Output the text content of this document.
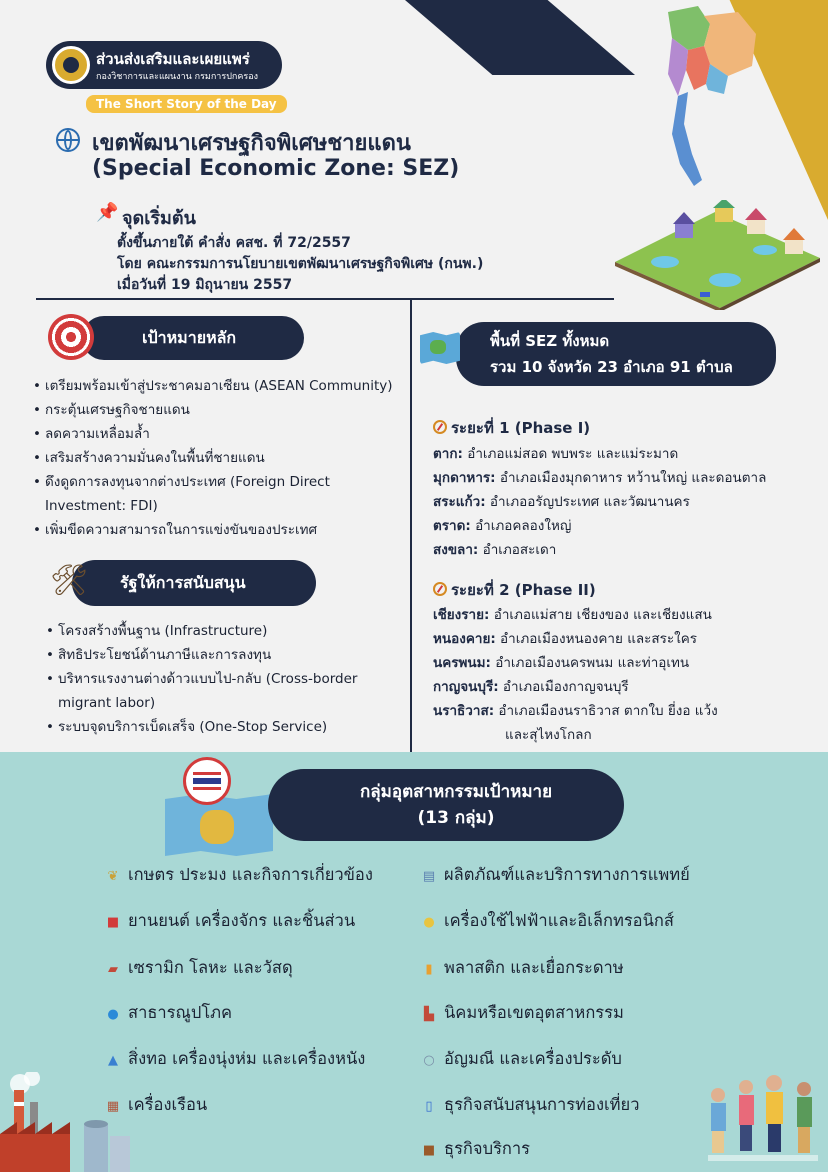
ส่วนส่งเสริมและเผยแพร่
กองวิชาการและแผนงาน กรมการปกครอง
The Short Story of the Day
เขตพัฒนาเศรษฐกิจพิเศษชายแดน
(Special Economic Zone: SEZ)
📌 จุดเริ่มต้น
ตั้งขึ้นภายใต้ คำสั่ง คสช. ที่ 72/2557
โดย คณะกรรมการนโยบายเขตพัฒนาเศรษฐกิจพิเศษ (กนพ.)
เมื่อวันที่ 19 มิถุนายน 2557
เป้าหมายหลัก
• เตรียมพร้อมเข้าสู่ประชาคมอาเซียน (ASEAN Community)
• กระตุ้นเศรษฐกิจชายแดน
• ลดความเหลื่อมล้ำ
• เสริมสร้างความมั่นคงในพื้นที่ชายแดน
• ดึงดูดการลงทุนจากต่างประเทศ (Foreign Direct Investment: FDI)
• เพิ่มขีดความสามารถในการแข่งขันของประเทศ
รัฐให้การสนับสนุน
🛠
• โครงสร้างพื้นฐาน (Infrastructure)
• สิทธิประโยชน์ด้านภาษีและการลงทุน
• บริหารแรงงานต่างด้าวแบบไป-กลับ (Cross-border migrant labor)
• ระบบจุดบริการเบ็ดเสร็จ (One-Stop Service)
พื้นที่ SEZ ทั้งหมด
รวม 10 จังหวัด 23 อำเภอ 91 ตำบล
ระยะที่ 1 (Phase I)
ตาก: อำเภอแม่สอด พบพระ และแม่ระมาด
มุกดาหาร: อำเภอเมืองมุกดาหาร หว้านใหญ่ และดอนตาล
สระแก้ว: อำเภออรัญประเทศ และวัฒนานคร
ตราด: อำเภอคลองใหญ่
สงขลา: อำเภอสะเดา
ระยะที่ 2 (Phase II)
เชียงราย: อำเภอแม่สาย เชียงของ และเชียงแสน
หนองคาย: อำเภอเมืองหนองคาย และสระใคร
นครพนม: อำเภอเมืองนครพนม และท่าอุเทน
กาญจนบุรี: อำเภอเมืองกาญจนบุรี
นราธิวาส: อำเภอเมืองนราธิวาส ตากใบ ยี่งอ แว้ง
และสุไหงโกลก
กลุ่มอุตสาหกรรมเป้าหมาย
(13 กลุ่ม)
❦ เกษตร ประมง และกิจการเกี่ยวข้อง
■ ยานยนต์ เครื่องจักร และชิ้นส่วน
▰ เซรามิก โลหะ และวัสดุ
● สาธารณูปโภค
▲ สิ่งทอ เครื่องนุ่งห่ม และเครื่องหนัง
▦ เครื่องเรือน
▤ ผลิตภัณฑ์และบริการทางการแพทย์
● เครื่องใช้ไฟฟ้าและอิเล็กทรอนิกส์
▮ พลาสติก และเยื่อกระดาษ
▙ นิคมหรือเขตอุตสาหกรรม
○ อัญมณี และเครื่องประดับ
▯ ธุรกิจสนับสนุนการท่องเที่ยว
■ ธุรกิจบริการ
